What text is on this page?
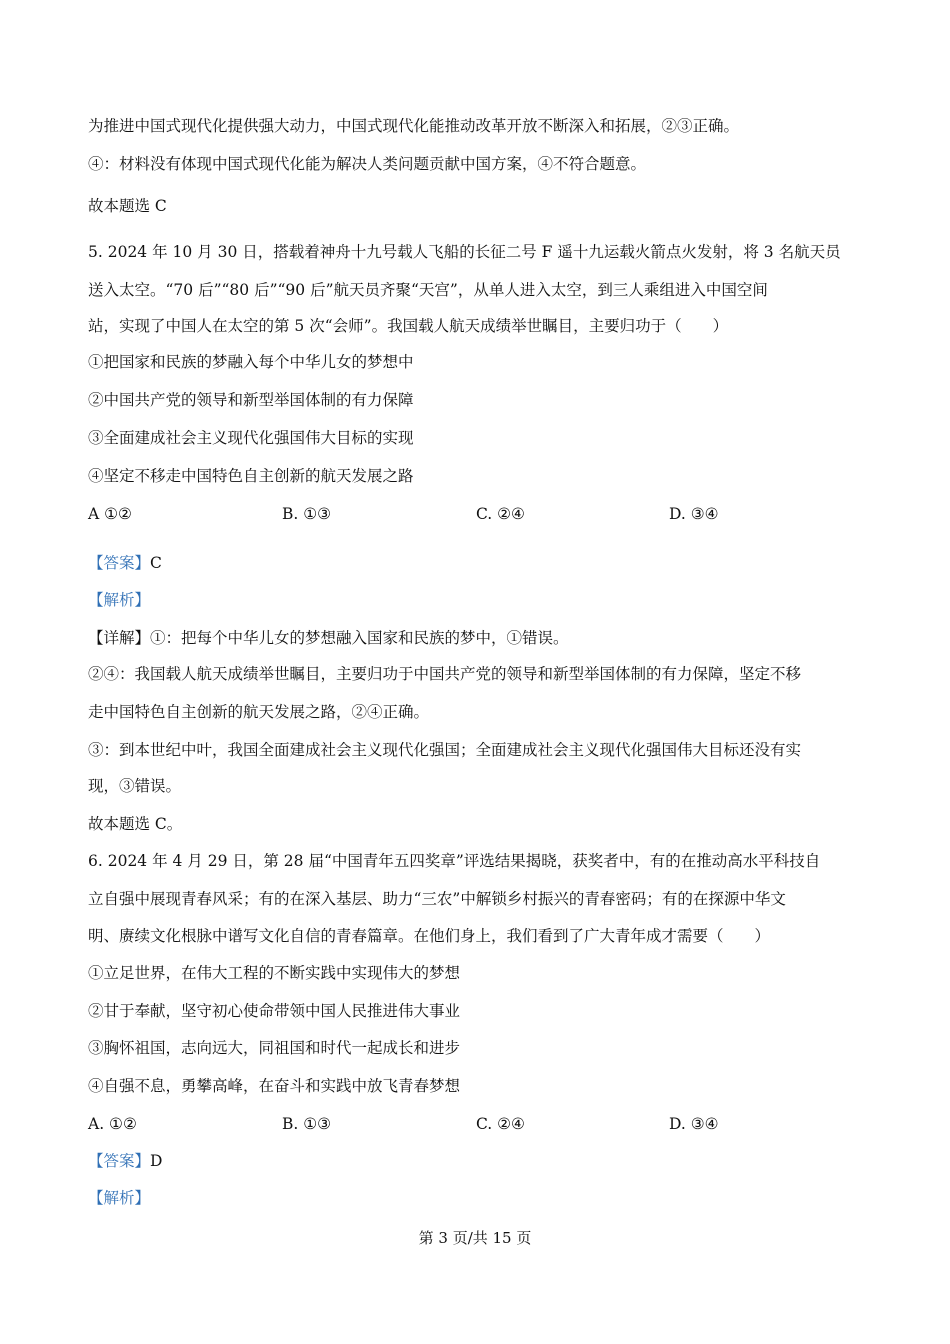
为推进中国式现代化提供强大动力，中国式现代化能推动改革开放不断深入和拓展，②③正确。
④：材料没有体现中国式现代化能为解决人类问题贡献中国方案，④不符合题意。
故本题选 C
5. 2024 年 10 月 30 日，搭载着神舟十九号载人飞船的长征二号 F 遥十九运载火箭点火发射，将 3 名航天员
送入太空。“70 后”“80 后”“90 后”航天员齐聚“天宫”，从单人进入太空，到三人乘组进入中国空间
站，实现了中国人在太空的第 5 次“会师”。我国载人航天成绩举世瞩目，主要归功于（　　）
①把国家和民族的梦融入每个中华儿女的梦想中
②中国共产党的领导和新型举国体制的有力保障
③全面建成社会主义现代化强国伟大目标的实现
④坚定不移走中国特色自主创新的航天发展之路
A ①②	B. ①③	C. ②④	D. ③④
【答案】C
【解析】
【详解】①：把每个中华儿女的梦想融入国家和民族的梦中，①错误。
②④：我国载人航天成绩举世瞩目，主要归功于中国共产党的领导和新型举国体制的有力保障，坚定不移
走中国特色自主创新的航天发展之路，②④正确。
③：到本世纪中叶，我国全面建成社会主义现代化强国；全面建成社会主义现代化强国伟大目标还没有实
现，③错误。
故本题选 C。
6. 2024 年 4 月 29 日，第 28 届“中国青年五四奖章”评选结果揭晓，获奖者中，有的在推动高水平科技自
立自强中展现青春风采；有的在深入基层、助力“三农”中解锁乡村振兴的青春密码；有的在探源中华文
明、赓续文化根脉中谱写文化自信的青春篇章。在他们身上，我们看到了广大青年成才需要（　　）
①立足世界，在伟大工程的不断实践中实现伟大的梦想
②甘于奉献，坚守初心使命带领中国人民推进伟大事业
③胸怀祖国，志向远大，同祖国和时代一起成长和进步
④自强不息，勇攀高峰，在奋斗和实践中放飞青春梦想
A. ①②	B. ①③	C. ②④	D. ③④
【答案】D
【解析】
第 3 页/共 15 页
